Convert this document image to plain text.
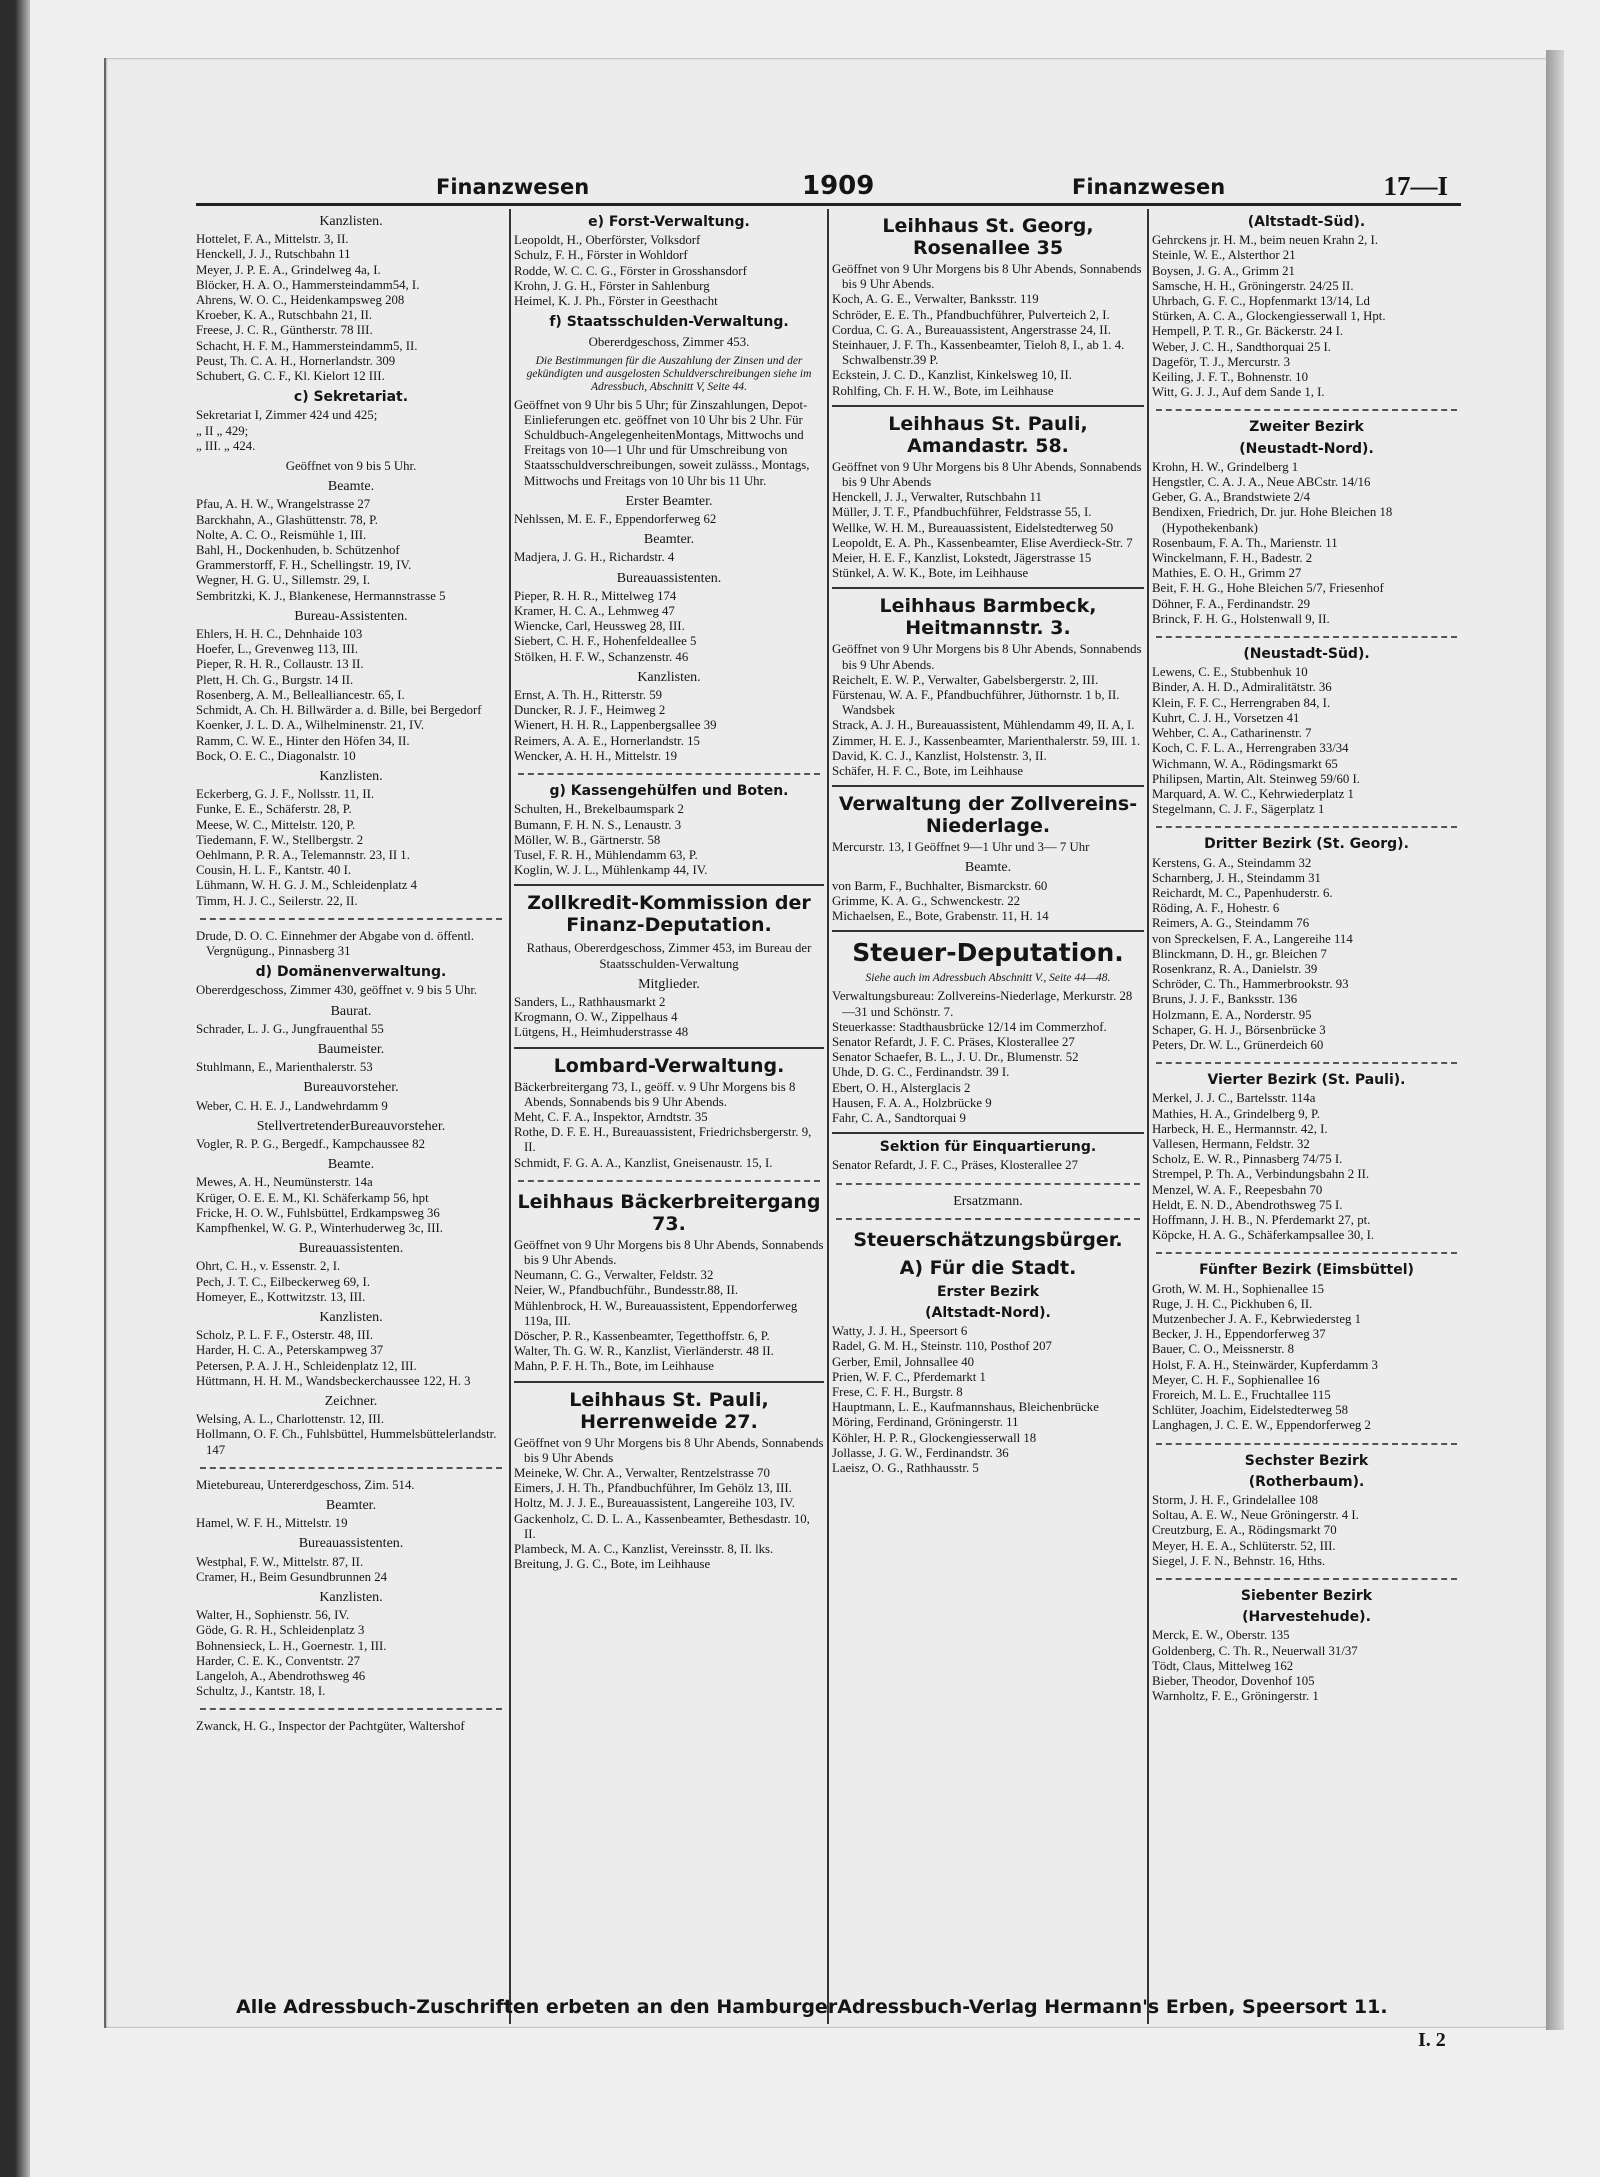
Finanzwesen	1909	Finanzwesen	17—I
Kanzlisten.
Hottelet, F. A., Mittelstr. 3, II.
Henckell, J. J., Rutschbahn 11
Meyer, J. P. E. A., Grindelweg 4a, I.
Blöcker, H. A. O., Hammersteindamm54, I.
Ahrens, W. O. C., Heidenkampsweg 208
Kroeber, K. A., Rutschbahn 21, II.
Freese, J. C. R., Güntherstr. 78 III.
Schacht, H. F. M., Hammersteindamm5, II.
Peust, Th. C. A. H., Hornerlandstr. 309
Schubert, G. C. F., Kl. Kielort 12 III.
c) Sekretariat.
Sekretariat I, Zimmer 424 und 425;
„ II „ 429;
„ III. „ 424.
Geöffnet von 9 bis 5 Uhr.
Beamte.
Pfau, A. H. W., Wrangelstrasse 27
Barckhahn, A., Glashüttenstr. 78, P.
Nolte, A. C. O., Reismühle 1, III.
Bahl, H., Dockenhuden, b. Schützenhof
Grammerstorff, F. H., Schellingstr. 19, IV.
Wegner, H. G. U., Sillemstr. 29, I.
Sembritzki, K. J., Blankenese, Hermannstrasse 5
Bureau-Assistenten.
Ehlers, H. H. C., Dehnhaide 103
Hoefer, L., Grevenweg 113, III.
Pieper, R. H. R., Collaustr. 13 II.
Plett, H. Ch. G., Burgstr. 14 II.
Rosenberg, A. M., Bellealliancestr. 65, I.
Schmidt, A. Ch. H. Billwärder a. d. Bille, bei Bergedorf
Koenker, J. L. D. A., Wilhelminenstr. 21, IV.
Ramm, C. W. E., Hinter den Höfen 34, II.
Bock, O. E. C., Diagonalstr. 10
Kanzlisten.
Eckerberg, G. J. F., Nollsstr. 11, II.
Funke, E. E., Schäferstr. 28, P.
Meese, W. C., Mittelstr. 120, P.
Tiedemann, F. W., Stellbergstr. 2
Oehlmann, P. R. A., Telemannstr. 23, II 1.
Cousin, H. L. F., Kantstr. 40 I.
Lühmann, W. H. G. J. M., Schleidenplatz 4
Timm, H. J. C., Seilerstr. 22, II.
Drude, D. O. C. Einnehmer der Abgabe von d. öffentl. Vergnügung., Pinnasberg 31
d) Domänenverwaltung.
Obererdgeschoss, Zimmer 430, geöffnet v. 9 bis 5 Uhr.
Baurat.
Schrader, L. J. G., Jungfrauenthal 55
Baumeister.
Stuhlmann, E., Marienthalerstr. 53
Bureauvorsteher.
Weber, C. H. E. J., Landwehrdamm 9
StellvertretenderBureauvorsteher.
Vogler, R. P. G., Bergedf., Kampchaussee 82
Beamte.
Mewes, A. H., Neumünsterstr. 14a
Krüger, O. E. E. M., Kl. Schäferkamp 56, hpt
Fricke, H. O. W., Fuhlsbüttel, Erdkampsweg 36
Kampfhenkel, W. G. P., Winterhuderweg 3c, III.
Bureauassistenten.
Ohrt, C. H., v. Essenstr. 2, I.
Pech, J. T. C., Eilbeckerweg 69, I.
Homeyer, E., Kottwitzstr. 13, III.
Kanzlisten.
Scholz, P. L. F. F., Osterstr. 48, III.
Harder, H. C. A., Peterskampweg 37
Petersen, P. A. J. H., Schleidenplatz 12, III.
Hüttmann, H. H. M., Wandsbeckerchaussee 122, H. 3
Zeichner.
Welsing, A. L., Charlottenstr. 12, III.
Hollmann, O. F. Ch., Fuhlsbüttel, Hummelsbüttelerlandstr. 147
Mietebureau, Untererdgeschoss, Zim. 514.
Beamter.
Hamel, W. F. H., Mittelstr. 19
Bureauassistenten.
Westphal, F. W., Mittelstr. 87, II.
Cramer, H., Beim Gesundbrunnen 24
Kanzlisten.
Walter, H., Sophienstr. 56, IV.
Göde, G. R. H., Schleidenplatz 3
Bohnensieck, L. H., Goernestr. 1, III.
Harder, C. E. K., Conventstr. 27
Langeloh, A., Abendrothsweg 46
Schultz, J., Kantstr. 18, I.
Zwanck, H. G., Inspector der Pachtgüter, Waltershof
e) Forst-Verwaltung.
Leopoldt, H., Oberförster, Volksdorf
Schulz, F. H., Förster in Wohldorf
Rodde, W. C. C. G., Förster in Grosshansdorf
Krohn, J. G. H., Förster in Sahlenburg
Heimel, K. J. Ph., Förster in Geesthacht
f) Staatsschulden-Verwaltung.
Obererdgeschoss, Zimmer 453.
Die Bestimmungen für die Auszahlung der Zinsen und der gekündigten und ausgelosten Schuldverschreibungen siehe im Adressbuch, Abschnitt V, Seite 44.
Geöffnet von 9 Uhr bis 5 Uhr; für Zinszahlungen, Depot-Einlieferungen etc. geöffnet von 10 Uhr bis 2 Uhr. Für Schuldbuch-AngelegenheitenMontags, Mittwochs und Freitags von 10—1 Uhr und für Umschreibung von Staatsschuldverschreibungen, soweit zulässs., Montags, Mittwochs und Freitags von 10 Uhr bis 11 Uhr.
Erster Beamter.
Nehlssen, M. E. F., Eppendorferweg 62
Beamter.
Madjera, J. G. H., Richardstr. 4
Bureauassistenten.
Pieper, R. H. R., Mittelweg 174
Kramer, H. C. A., Lehmweg 47
Wiencke, Carl, Heussweg 28, III.
Siebert, C. H. F., Hohenfeldeallee 5
Stölken, H. F. W., Schanzenstr. 46
Kanzlisten.
Ernst, A. Th. H., Ritterstr. 59
Duncker, R. J. F., Heimweg 2
Wienert, H. H. R., Lappenbergsallee 39
Reimers, A. A. E., Hornerlandstr. 15
Wencker, A. H. H., Mittelstr. 19
g) Kassengehülfen und Boten.
Schulten, H., Brekelbaumspark 2
Bumann, F. H. N. S., Lenaustr. 3
Möller, W. B., Gärtnerstr. 58
Tusel, F. R. H., Mühlendamm 63, P.
Koglin, W. J. L., Mühlenkamp 44, IV.
Zollkredit-Kommission der Finanz-Deputation.
Rathaus, Obererdgeschoss, Zimmer 453, im Bureau der Staatsschulden-Verwaltung
Mitglieder.
Sanders, L., Rathhausmarkt 2
Krogmann, O. W., Zippelhaus 4
Lütgens, H., Heimhuderstrasse 48
Lombard-Verwaltung.
Bäckerbreitergang 73, I., geöff. v. 9 Uhr Morgens bis 8 Abends, Sonnabends bis 9 Uhr Abends.
Meht, C. F. A., Inspektor, Arndtstr. 35
Rothe, D. F. E. H., Bureauassistent, Friedrichsbergerstr. 9, II.
Schmidt, F. G. A. A., Kanzlist, Gneisenaustr. 15, I.
Leihhaus Bäckerbreitergang 73.
Geöffnet von 9 Uhr Morgens bis 8 Uhr Abends, Sonnabends bis 9 Uhr Abends.
Neumann, C. G., Verwalter, Feldstr. 32
Neier, W., Pfandbuchführ., Bundesstr.88, II.
Mühlenbrock, H. W., Bureauassistent, Eppendorferweg 119a, III.
Döscher, P. R., Kassenbeamter, Tegetthoffstr. 6, P.
Walter, Th. G. W. R., Kanzlist, Vierländerstr. 48 II.
Mahn, P. F. H. Th., Bote, im Leihhause
Leihhaus St. Pauli, Herrenweide 27.
Geöffnet von 9 Uhr Morgens bis 8 Uhr Abends, Sonnabends bis 9 Uhr Abends
Meineke, W. Chr. A., Verwalter, Rentzelstrasse 70
Eimers, J. H. Th., Pfandbuchführer, Im Gehölz 13, III.
Holtz, M. J. J. E., Bureauassistent, Langereihe 103, IV.
Gackenholz, C. D. L. A., Kassenbeamter, Bethesdastr. 10, II.
Plambeck, M. A. C., Kanzlist, Vereinsstr. 8, II. lks.
Breitung, J. G. C., Bote, im Leihhause
Leihhaus St. Georg, Rosenallee 35
Geöffnet von 9 Uhr Morgens bis 8 Uhr Abends, Sonnabends bis 9 Uhr Abends.
Koch, A. G. E., Verwalter, Banksstr. 119
Schröder, E. E. Th., Pfandbuchführer, Pulverteich 2, I.
Cordua, C. G. A., Bureauassistent, Angerstrasse 24, II.
Steinhauer, J. F. Th., Kassenbeamter, Tieloh 8, I., ab 1. 4. Schwalbenstr.39 P.
Eckstein, J. C. D., Kanzlist, Kinkelsweg 10, II.
Rohlfing, Ch. F. H. W., Bote, im Leihhause
Leihhaus St. Pauli, Amandastr. 58.
Geöffnet von 9 Uhr Morgens bis 8 Uhr Abends, Sonnabends bis 9 Uhr Abends
Henckell, J. J., Verwalter, Rutschbahn 11
Müller, J. T. F., Pfandbuchführer, Feldstrasse 55, I.
Wellke, W. H. M., Bureauassistent, Eidelstedterweg 50
Leopoldt, E. A. Ph., Kassenbeamter, Elise Averdieck-Str. 7
Meier, H. E. F., Kanzlist, Lokstedt, Jägerstrasse 15
Stünkel, A. W. K., Bote, im Leihhause
Leihhaus Barmbeck, Heitmannstr. 3.
Geöffnet von 9 Uhr Morgens bis 8 Uhr Abends, Sonnabends bis 9 Uhr Abends.
Reichelt, E. W. P., Verwalter, Gabelsbergerstr. 2, III.
Fürstenau, W. A. F., Pfandbuchführer, Jüthornstr. 1 b, II. Wandsbek
Strack, A. J. H., Bureauassistent, Mühlendamm 49, II. A, I.
Zimmer, H. E. J., Kassenbeamter, Marienthalerstr. 59, III. 1.
David, K. C. J., Kanzlist, Holstenstr. 3, II.
Schäfer, H. F. C., Bote, im Leihhause
Verwaltung der Zollvereins-Niederlage.
Mercurstr. 13, I Geöffnet 9—1 Uhr und 3— 7 Uhr
Beamte.
von Barm, F., Buchhalter, Bismarckstr. 60
Grimme, K. A. G., Schwenckestr. 22
Michaelsen, E., Bote, Grabenstr. 11, H. 14
Steuer-Deputation.
Siehe auch im Adressbuch Abschnitt V., Seite 44—48.
Verwaltungsbureau: Zollvereins-Niederlage, Merkurstr. 28—31 und Schönstr. 7.
Steuerkasse: Stadthausbrücke 12/14 im Commerzhof.
Senator Refardt, J. F. C. Präses, Klosterallee 27
Senator Schaefer, B. L., J. U. Dr., Blumenstr. 52
Uhde, D. G. C., Ferdinandstr. 39 I.
Ebert, O. H., Alsterglacis 2
Hausen, F. A. A., Holzbrücke 9
Fahr, C. A., Sandtorquai 9
Sektion für Einquartierung.
Senator Refardt, J. F. C., Präses, Klosterallee 27
Ersatzmann.
Steuerschätzungsbürger.
A) Für die Stadt.
Erster Bezirk
(Altstadt-Nord).
Watty, J. J. H., Speersort 6
Radel, G. M. H., Steinstr. 110, Posthof 207
Gerber, Emil, Johnsallee 40
Prien, W. F. C., Pferdemarkt 1
Frese, C. F. H., Burgstr. 8
Hauptmann, L. E., Kaufmannshaus, Bleichenbrücke
Möring, Ferdinand, Gröningerstr. 11
Köhler, H. P. R., Glockengiesserwall 18
Jollasse, J. G. W., Ferdinandstr. 36
Laeisz, O. G., Rathhausstr. 5
(Altstadt-Süd).
Gehrckens jr. H. M., beim neuen Krahn 2, I.
Steinle, W. E., Alsterthor 21
Boysen, J. G. A., Grimm 21
Samsche, H. H., Gröningerstr. 24/25 II.
Uhrbach, G. F. C., Hopfenmarkt 13/14, Ld
Stürken, A. C. A., Glockengiesserwall 1, Hpt.
Hempell, P. T. R., Gr. Bäckerstr. 24 I.
Weber, J. C. H., Sandthorquai 25 I.
Dageför, T. J., Mercurstr. 3
Keiling, J. F. T., Bohnenstr. 10
Witt, G. J. J., Auf dem Sande 1, I.
Zweiter Bezirk
(Neustadt-Nord).
Krohn, H. W., Grindelberg 1
Hengstler, C. A. J. A., Neue ABCstr. 14/16
Geber, G. A., Brandstwiete 2/4
Bendixen, Friedrich, Dr. jur. Hohe Bleichen 18 (Hypothekenbank)
Rosenbaum, F. A. Th., Marienstr. 11
Winckelmann, F. H., Badestr. 2
Mathies, E. O. H., Grimm 27
Beit, F. H. G., Hohe Bleichen 5/7, Friesenhof
Döhner, F. A., Ferdinandstr. 29
Brinck, F. H. G., Holstenwall 9, II.
(Neustadt-Süd).
Lewens, C. E., Stubbenhuk 10
Binder, A. H. D., Admiralitätstr. 36
Klein, F. F. C., Herrengraben 84, I.
Kuhrt, C. J. H., Vorsetzen 41
Wehber, C. A., Catharinenstr. 7
Koch, C. F. L. A., Herrengraben 33/34
Wichmann, W. A., Rödingsmarkt 65
Philipsen, Martin, Alt. Steinweg 59/60 I.
Marquard, A. W. C., Kehrwiederplatz 1
Stegelmann, C. J. F., Sägerplatz 1
Dritter Bezirk (St. Georg).
Kerstens, G. A., Steindamm 32
Scharnberg, J. H., Steindamm 31
Reichardt, M. C., Papenhuderstr. 6.
Röding, A. F., Hohestr. 6
Reimers, A. G., Steindamm 76
von Spreckelsen, F. A., Langereihe 114
Blinckmann, D. H., gr. Bleichen 7
Rosenkranz, R. A., Danielstr. 39
Schröder, C. Th., Hammerbrookstr. 93
Bruns, J. J. F., Banksstr. 136
Holzmann, E. A., Norderstr. 95
Schaper, G. H. J., Börsenbrücke 3
Peters, Dr. W. L., Grünerdeich 60
Vierter Bezirk (St. Pauli).
Merkel, J. J. C., Bartelsstr. 114a
Mathies, H. A., Grindelberg 9, P.
Harbeck, H. E., Hermannstr. 42, I.
Vallesen, Hermann, Feldstr. 32
Scholz, E. W. R., Pinnasberg 74/75 I.
Strempel, P. Th. A., Verbindungsbahn 2 II.
Menzel, W. A. F., Reepesbahn 70
Heldt, E. N. D., Abendrothsweg 75 I.
Hoffmann, J. H. B., N. Pferdemarkt 27, pt.
Köpcke, H. A. G., Schäferkampsallee 30, I.
Fünfter Bezirk (Eimsbüttel)
Groth, W. M. H., Sophienallee 15
Ruge, J. H. C., Pickhuben 6, II.
Mutzenbecher J. A. F., Kebrwiedersteg 1
Becker, J. H., Eppendorferweg 37
Bauer, C. O., Meissnerstr. 8
Holst, F. A. H., Steinwärder, Kupferdamm 3
Meyer, C. H. F., Sophienallee 16
Froreich, M. L. E., Fruchtallee 115
Schlüter, Joachim, Eidelstedterweg 58
Langhagen, J. C. E. W., Eppendorferweg 2
Sechster Bezirk
(Rotherbaum).
Storm, J. H. F., Grindelallee 108
Soltau, A. E. W., Neue Gröningerstr. 4 I.
Creutzburg, E. A., Rödingsmarkt 70
Meyer, H. E. A., Schlüterstr. 52, III.
Siegel, J. F. N., Behnstr. 16, Hths.
Siebenter Bezirk
(Harvestehude).
Merck, E. W., Oberstr. 135
Goldenberg, C. Th. R., Neuerwall 31/37
Tödt, Claus, Mittelweg 162
Bieber, Theodor, Dovenhof 105
Warnholtz, F. E., Gröningerstr. 1
Alle Adressbuch-Zuschriften erbeten an den HamburgerAdressbuch-Verlag Hermann's Erben, Speersort 11.
I. 2
